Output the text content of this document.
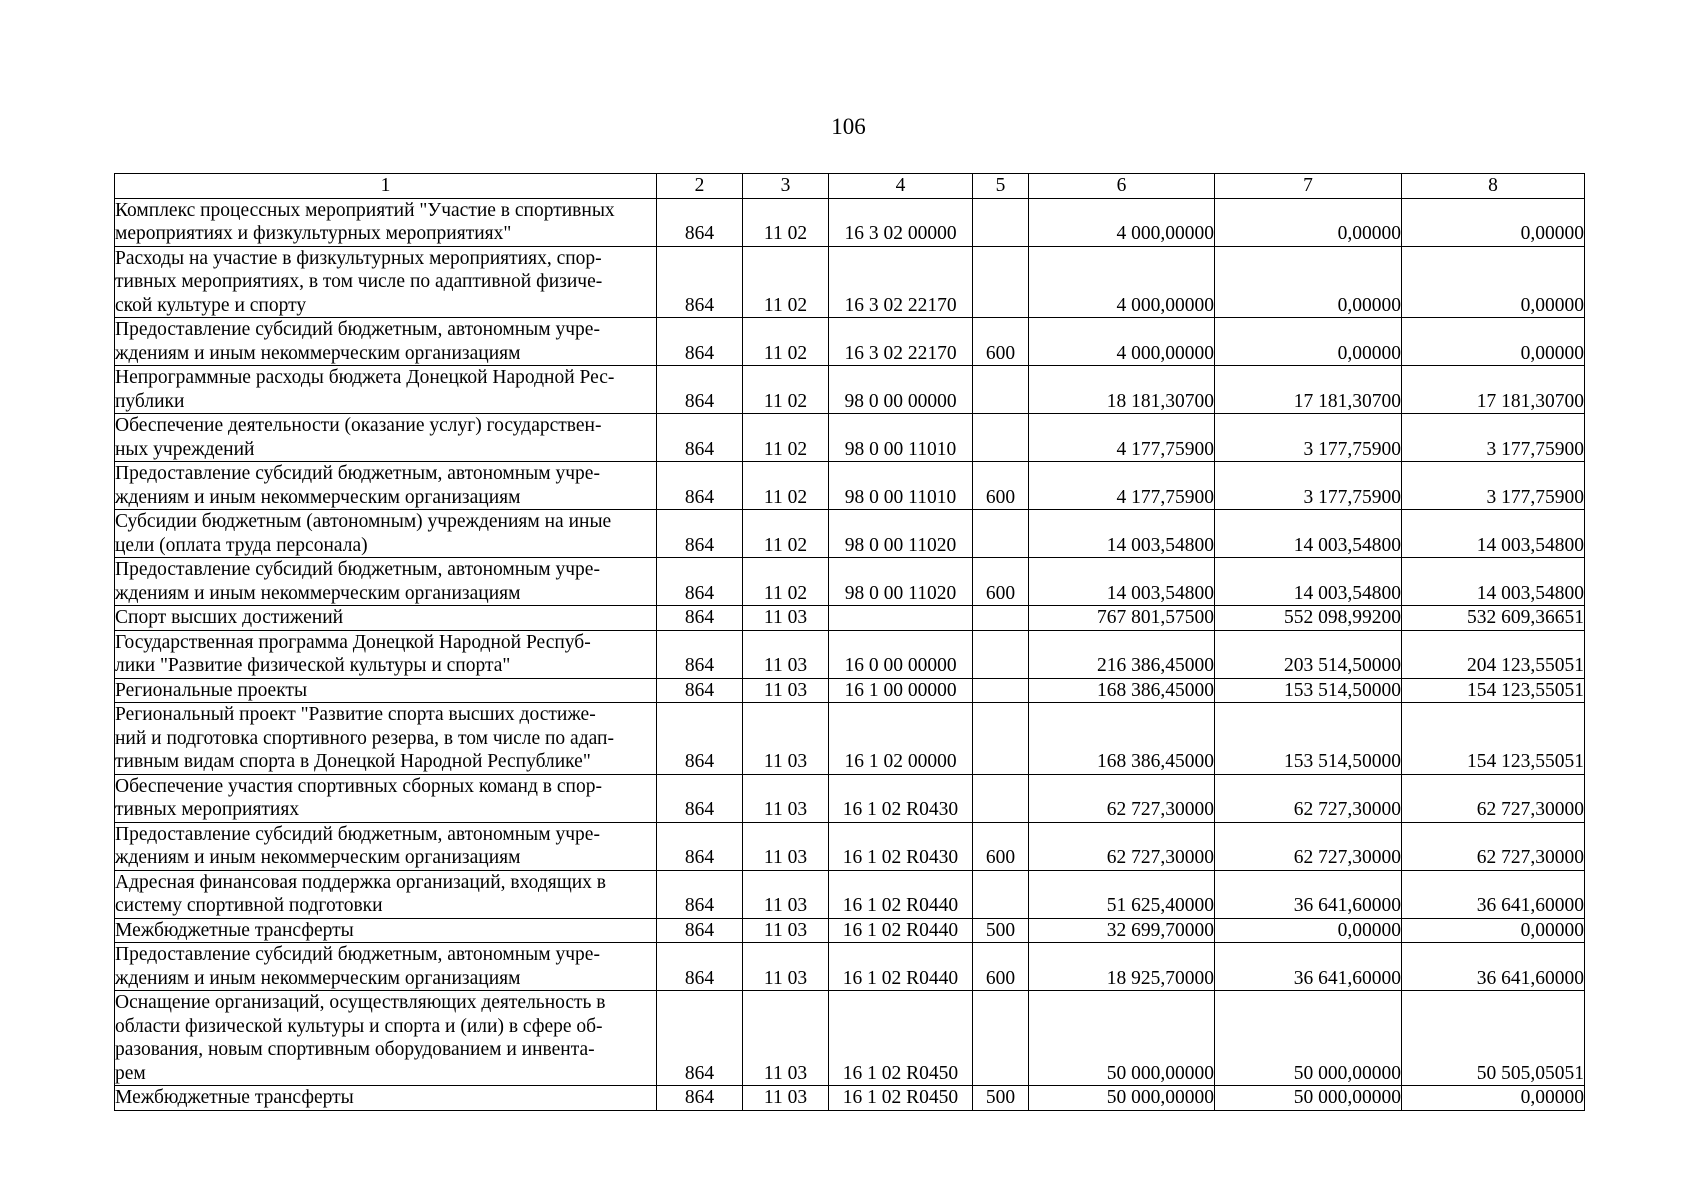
106
1	2	3	4	5	6	7	8

Комплекс процессных мероприятий "Участие в спортивных
мероприятиях и физкультурных мероприятиях"	864	11 02	16 3 02 00000		4 000,00000	0,00000	0,00000

Расходы на участие в физкультурных мероприятиях, спор-
тивных мероприятиях, в том числе по адаптивной физиче-
ской культуре и спорту	864	11 02	16 3 02 22170		4 000,00000	0,00000	0,00000

Предоставление субсидий бюджетным, автономным учре-
ждениям и иным некоммерческим организациям	864	11 02	16 3 02 22170	600	4 000,00000	0,00000	0,00000

Непрограммные расходы бюджета Донецкой Народной Рес-
публики	864	11 02	98 0 00 00000		18 181,30700	17 181,30700	17 181,30700

Обеспечение деятельности (оказание услуг) государствен-
ных учреждений	864	11 02	98 0 00 11010		4 177,75900	3 177,75900	3 177,75900

Предоставление субсидий бюджетным, автономным учре-
ждениям и иным некоммерческим организациям	864	11 02	98 0 00 11010	600	4 177,75900	3 177,75900	3 177,75900

Субсидии бюджетным (автономным) учреждениям на иные
цели (оплата труда персонала)	864	11 02	98 0 00 11020		14 003,54800	14 003,54800	14 003,54800

Предоставление субсидий бюджетным, автономным учре-
ждениям и иным некоммерческим организациям	864	11 02	98 0 00 11020	600	14 003,54800	14 003,54800	14 003,54800

Спорт высших достижений	864	11 03			767 801,57500	552 098,99200	532 609,36651

Государственная программа Донецкой Народной Респуб-
лики "Развитие физической культуры и спорта"	864	11 03	16 0 00 00000		216 386,45000	203 514,50000	204 123,55051

Региональные проекты	864	11 03	16 1 00 00000		168 386,45000	153 514,50000	154 123,55051

Региональный проект "Развитие спорта высших достиже-
ний и подготовка спортивного резерва, в том числе по адап-
тивным видам спорта в Донецкой Народной Республике"	864	11 03	16 1 02 00000		168 386,45000	153 514,50000	154 123,55051

Обеспечение участия спортивных сборных команд в спор-
тивных мероприятиях	864	11 03	16 1 02 R0430		62 727,30000	62 727,30000	62 727,30000

Предоставление субсидий бюджетным, автономным учре-
ждениям и иным некоммерческим организациям	864	11 03	16 1 02 R0430	600	62 727,30000	62 727,30000	62 727,30000

Адресная финансовая поддержка организаций, входящих в
систему спортивной подготовки	864	11 03	16 1 02 R0440		51 625,40000	36 641,60000	36 641,60000

Межбюджетные трансферты	864	11 03	16 1 02 R0440	500	32 699,70000	0,00000	0,00000

Предоставление субсидий бюджетным, автономным учре-
ждениям и иным некоммерческим организациям	864	11 03	16 1 02 R0440	600	18 925,70000	36 641,60000	36 641,60000

Оснащение организаций, осуществляющих деятельность в
области физической культуры и спорта и (или) в сфере об-
разования, новым спортивным оборудованием и инвента-
рем	864	11 03	16 1 02 R0450		50 000,00000	50 000,00000	50 505,05051

Межбюджетные трансферты	864	11 03	16 1 02 R0450	500	50 000,00000	50 000,00000	0,00000
